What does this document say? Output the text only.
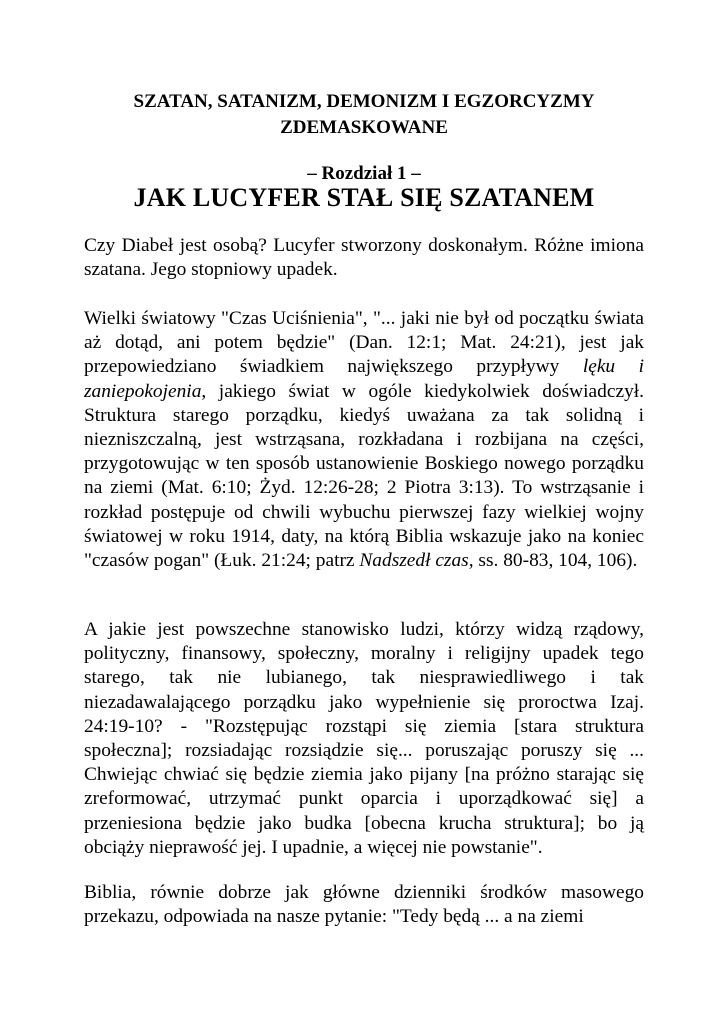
SZATAN, SATANIZM, DEMONIZM I EGZORCYZMY
ZDEMASKOWANE
– Rozdział 1 –
JAK LUCYFER STAŁ SIĘ SZATANEM

Czy Diabeł jest osobą? Lucyfer stworzony doskonałym. Różne imiona szatana. Jego stopniowy upadek.

Wielki światowy "Czas Uciśnienia", "... jaki nie był od początku świata aż dotąd, ani potem będzie" (Dan. 12:1; Mat. 24:21), jest jak przepowiedziano świadkiem największego przypływy lęku i zaniepokojenia, jakiego świat w ogóle kiedykolwiek doświadczył. Struktura starego porządku, kiedyś uważana za tak solidną i niezniszczalną, jest wstrząsana, rozkładana i rozbijana na części, przygotowując w ten sposób ustanowienie Boskiego nowego porządku na ziemi (Mat. 6:10; Żyd. 12:26-28; 2 Piotra 3:13). To wstrząsanie i rozkład postępuje od chwili wybuchu pierwszej fazy wielkiej wojny światowej w roku 1914, daty, na którą Biblia wskazuje jako na koniec "czasów pogan" (Łuk. 21:24; patrz Nadszedł czas, ss. 80-83, 104, 106).

A jakie jest powszechne stanowisko ludzi, którzy widzą rządowy, polityczny, finansowy, społeczny, moralny i religijny upadek tego starego, tak nie lubianego, tak niesprawiedliwego i tak niezadawalającego porządku jako wypełnienie się proroctwa Izaj. 24:19-10? - "Rozstępując rozstąpi się ziemia [stara struktura społeczna]; rozsiadając rozsiądzie się... poruszając poruszy się ... Chwiejąc chwiać się będzie ziemia jako pijany [na próżno starając się zreformować, utrzymać punkt oparcia i uporządkować się] a przeniesiona będzie jako budka [obecna krucha struktura]; bo ją obciąży nieprawość jej. I upadnie, a więcej nie powstanie".

Biblia, równie dobrze jak główne dzienniki środków masowego przekazu, odpowiada na nasze pytanie: "Tedy będą ... a na ziemi
